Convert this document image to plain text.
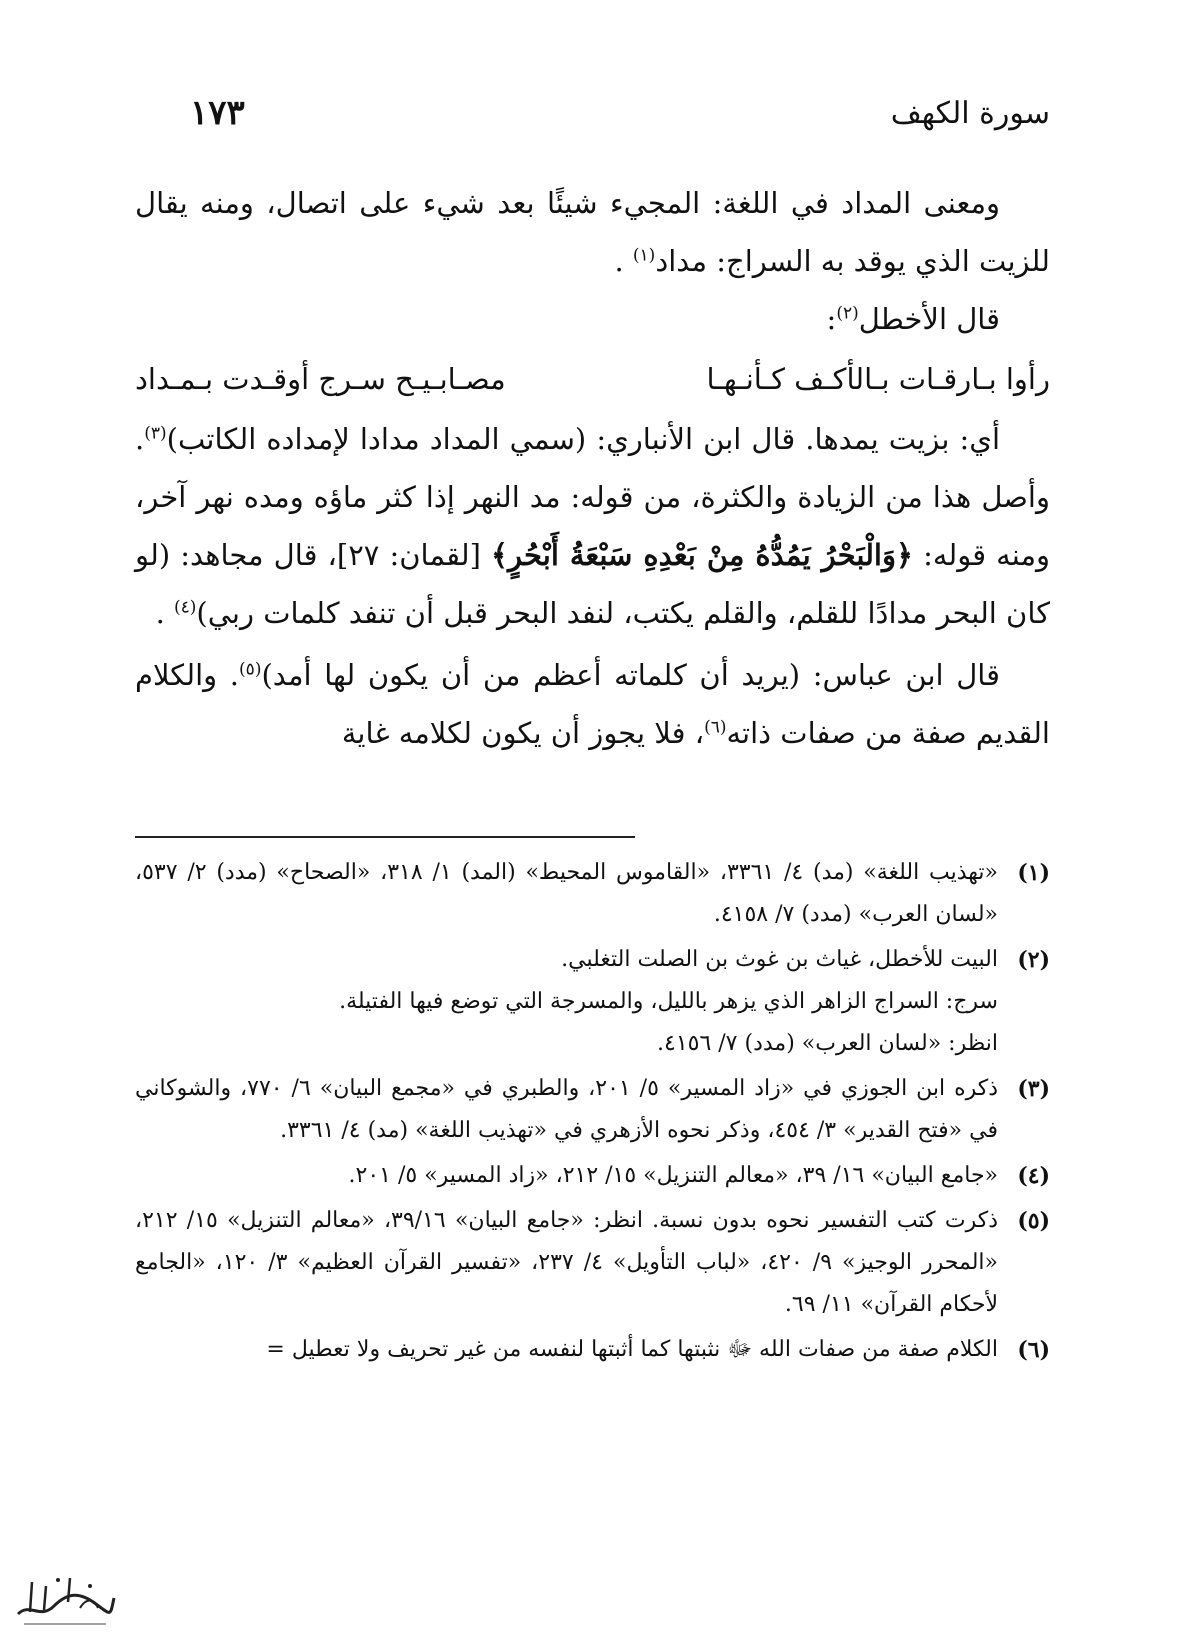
سورة الكهف
١٧٣

ومعنى المداد في اللغة: المجيء شيئًا بعد شيء على اتصال، ومنه يقال للزيت الذي يوقد به السراج: مداد$^{(١)}$ .

قال الأخطل$^{(٢)}$:

رأوا بـارقـات بـالأكـف كـأنـهـا
مصـابـيـح سـرج أوقـدت بـمـداد

أي: بزيت يمدها. قال ابن الأنباري: (سمي المداد مدادا لإمداده الكاتب)$^{(٣)}$. وأصل هذا من الزيادة والكثرة، من قوله: مد النهر إذا كثر ماؤه ومده نهر آخر، ومنه قوله: ﴿وَالْبَحْرُ يَمُدُّهُ مِنْ بَعْدِهِ سَبْعَةُ أَبْحُرٍ﴾ [لقمان: ٢٧]، قال مجاهد: (لو كان البحر مدادًا للقلم، والقلم يكتب، لنفد البحر قبل أن تنفد كلمات ربي)$^{(٤)}$ .

قال ابن عباس: (يريد أن كلماته أعظم من أن يكون لها أمد)$^{(٥)}$. والكلام القديم صفة من صفات ذاته$^{(٦)}$، فلا يجوز أن يكون لكلامه غاية

(١)
«تهذيب اللغة» (مد) ٤/ ٣٣٦١، «القاموس المحيط» (المد) ١/ ٣١٨، «الصحاح» (مدد) ٢/ ٥٣٧، «لسان العرب» (مدد) ٧/ ٤١٥٨.
(٢)
البيت للأخطل، غياث بن غوث بن الصلت التغلبي.
سرج: السراج الزاهر الذي يزهر بالليل، والمسرجة التي توضع فيها الفتيلة.
انظر: «لسان العرب» (مدد) ٧/ ٤١٥٦.
(٣)
ذكره ابن الجوزي في «زاد المسير» ٥/ ٢٠١، والطبري في «مجمع البيان» ٦/ ٧٧٠، والشوكاني في «فتح القدير» ٣/ ٤٥٤، وذكر نحوه الأزهري في «تهذيب اللغة» (مد) ٤/ ٣٣٦١.
(٤)
«جامع البيان» ١٦/ ٣٩، «معالم التنزيل» ١٥/ ٢١٢، «زاد المسير» ٥/ ٢٠١.
(٥)
ذكرت كتب التفسير نحوه بدون نسبة. انظر: «جامع البيان» ٣٩/١٦، «معالم التنزيل» ١٥/ ٢١٢، «المحرر الوجيز» ٩/ ٤٢٠، «لباب التأويل» ٤/ ٢٣٧، «تفسير القرآن العظيم» ٣/ ١٢٠، «الجامع لأحكام القرآن» ١١/ ٦٩.
(٦)
الكلام صفة من صفات الله ﷻ نثبتها كما أثبتها لنفسه من غير تحريف ولا تعطيل =
